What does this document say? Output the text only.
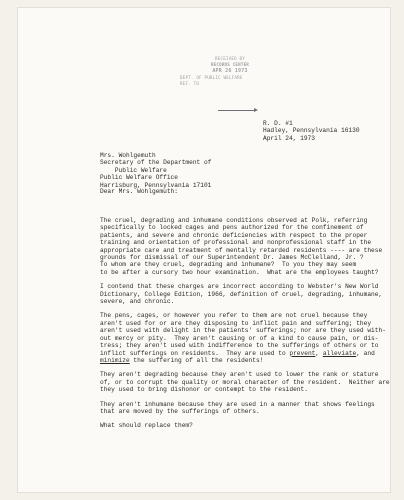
RECEIVED BY
RECORDS CENTER
APR 26 1973
DEPT. OF PUBLIC WELFARE
REF. TO
R. D. #1
Hadley, Pennsylvania 16130
April 24, 1973
Mrs. Wohlgemuth
Secretary of the Department of
Public Welfare
Public Welfare Office
Harrisburg, Pennsylvania 17101
Dear Mrs. Wohlgemuth:
The cruel, degrading and inhumane conditions observed at Polk, referring
specifically to locked cages and pens authorized for the confinement of
patients, and severe and chronic deficiencies with respect to the proper
training and orientation of professional and nonprofessional staff in the
appropriate care and treatment of mentally retarded residents ---- are these
grounds for dismissal of our Superintendent Dr. James McClelland, Jr. ?
To whom are they cruel, degrading and inhumane?  To you they may seem
to be after a cursory two hour examination.  What are the employees taught?
I contend that these charges are incorrect according to Webster's New World
Dictionary, College Edition, 1966, definition of cruel, degrading, inhumane,
severe, and chronic.
The pens, cages, or however you refer to them are not cruel because they
aren't used for or are they disposing to inflict pain and suffering; they
aren't used with delight in the patients' sufferings; nor are they used with-
out mercy or pity.  They aren't causing or of a kind to cause pain, or dis-
tress; they aren't used with indifference to the sufferings of others or to
inflict sufferings on residents.  They are used to prevent, alleviate, and
minimize the suffering of all the residents!
They aren't degrading because they aren't used to lower the rank or stature
of, or to corrupt the quality or moral character of the resident.  Neither are
they used to bring dishonor or contempt to the resident.
They aren't inhumane because they are used in a manner that shows feelings
that are moved by the sufferings of others.
What should replace them?
